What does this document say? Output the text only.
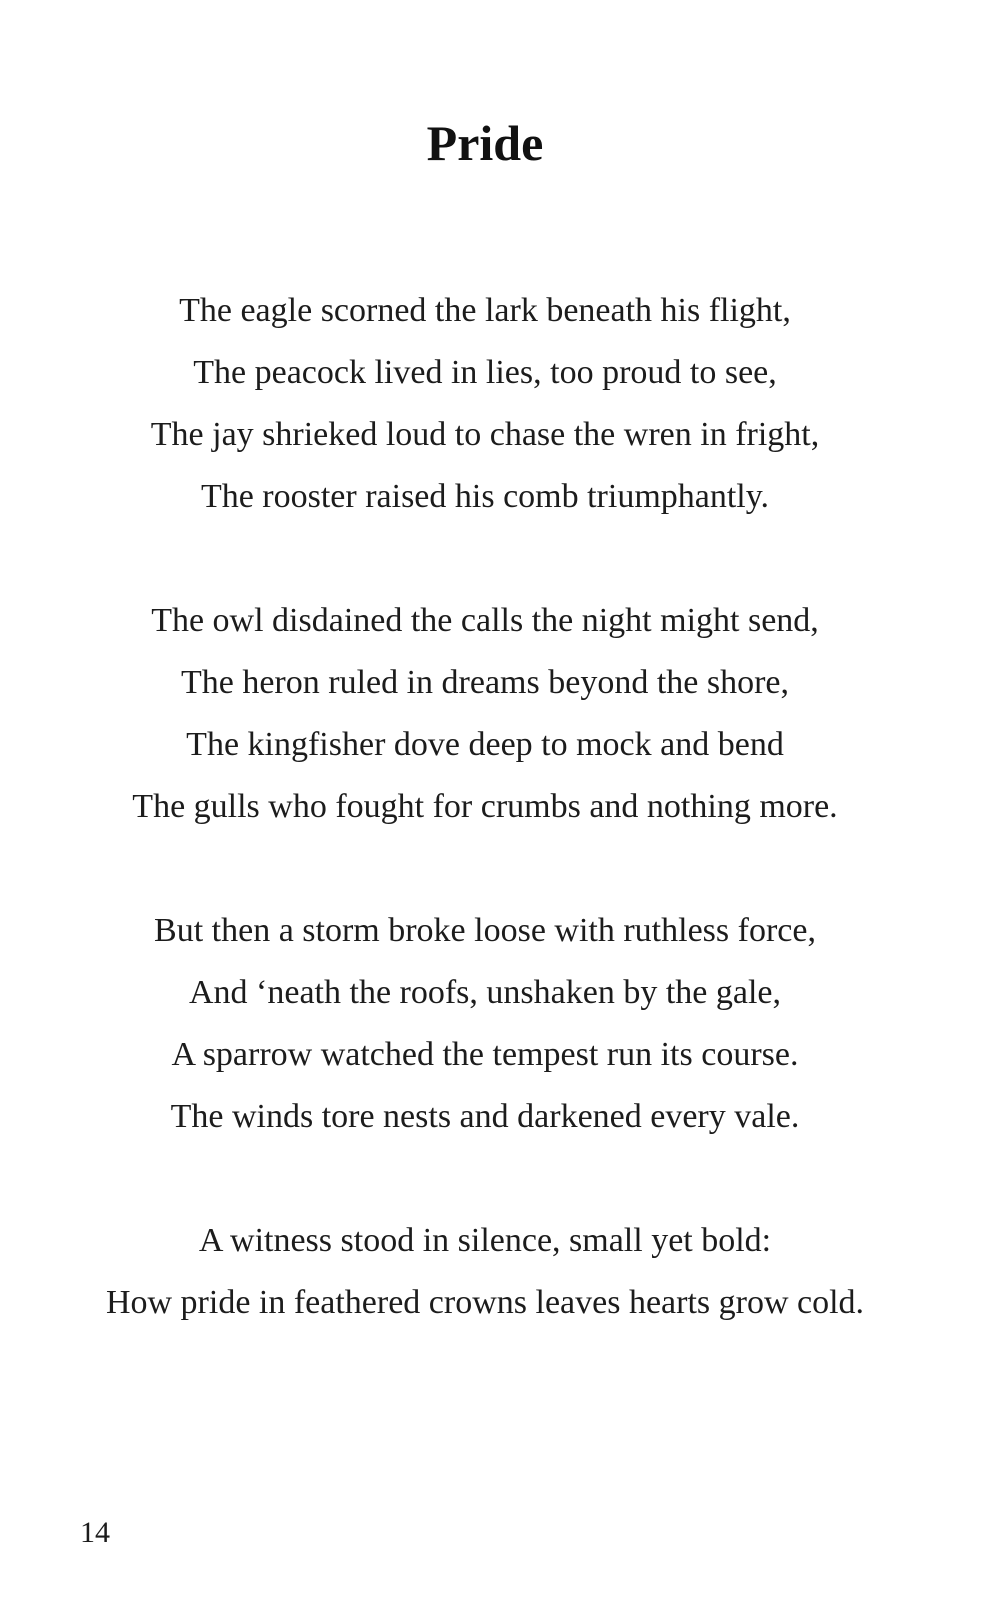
Pride
The eagle scorned the lark beneath his flight,
The peacock lived in lies, too proud to see,
The jay shrieked loud to chase the wren in fright,
The rooster raised his comb triumphantly.
The owl disdained the calls the night might send,
The heron ruled in dreams beyond the shore,
The kingfisher dove deep to mock and bend
The gulls who fought for crumbs and nothing more.
But then a storm broke loose with ruthless force,
And ‘neath the roofs, unshaken by the gale,
A sparrow watched the tempest run its course.
The winds tore nests and darkened every vale.
A witness stood in silence, small yet bold:
How pride in feathered crowns leaves hearts grow cold.
14
